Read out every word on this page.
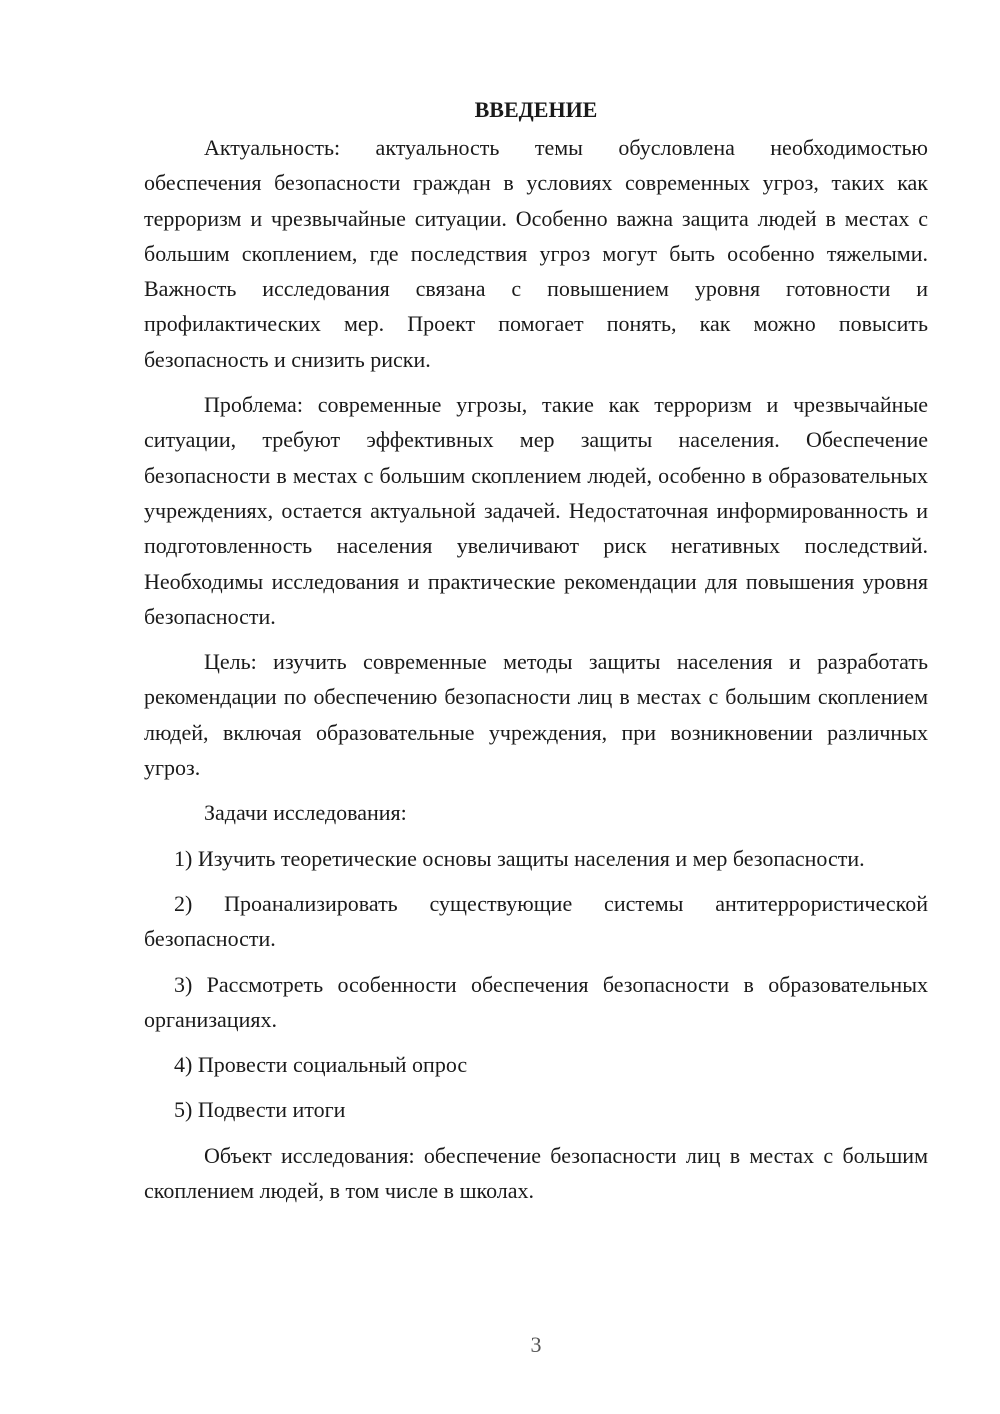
ВВЕДЕНИЕ

Актуальность: актуальность темы обусловлена необходимостью обеспечения безопасности граждан в условиях современных угроз, таких как терроризм и чрезвычайные ситуации. Особенно важна защита людей в местах с большим скоплением, где последствия угроз могут быть особенно тяжелыми. Важность исследования связана с повышением уровня готовности и профилактических мер. Проект помогает понять, как можно повысить безопасность и снизить риски.

Проблема: современные угрозы, такие как терроризм и чрезвычайные ситуации, требуют эффективных мер защиты населения. Обеспечение безопасности в местах с большим скоплением людей, особенно в образовательных учреждениях, остается актуальной задачей. Недостаточная информированность и подготовленность населения увеличивают риск негативных последствий. Необходимы исследования и практические рекомендации для повышения уровня безопасности.

Цель: изучить современные методы защиты населения и разработать рекомендации по обеспечению безопасности лиц в местах с большим скоплением людей, включая образовательные учреждения, при возникновении различных угроз.

Задачи исследования:

1) Изучить теоретические основы защиты населения и мер безопасности.

2) Проанализировать существующие системы антитеррористической безопасности.

3) Рассмотреть особенности обеспечения безопасности в образовательных организациях.

4) Провести социальный опрос

5) Подвести итоги

Объект исследования: обеспечение безопасности лиц в местах с большим скоплением людей, в том числе в школах.

3
